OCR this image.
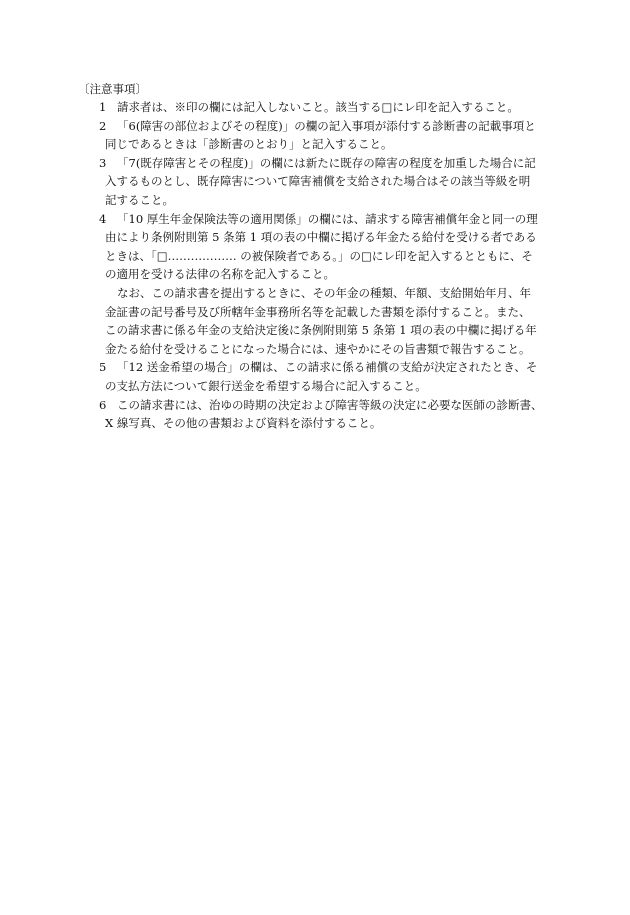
〔注意事項〕
1 請求者は、※印の欄には記入しないこと。該当する□にレ印を記入すること。
2 「6(障害の部位およびその程度)」の欄の記入事項が添付する診断書の記載事項と
同じであるときは「診断書のとおり」と記入すること。
3 「7(既存障害とその程度)」の欄には新たに既存の障害の程度を加重した場合に記
入するものとし、既存障害について障害補償を支給された場合はその該当等級を明
記すること。
4 「10 厚生年金保険法等の適用関係」の欄には、請求する障害補償年金と同一の理
由により条例附則第 5 条第 1 項の表の中欄に掲げる年金たる給付を受ける者である
ときは、「□……………… の被保険者である。」の□にレ印を記入するとともに、そ
の適用を受ける法律の名称を記入すること。
なお、この請求書を提出するときに、その年金の種類、年額、支給開始年月、年
金証書の記号番号及び所轄年金事務所名等を記載した書類を添付すること。また、
この請求書に係る年金の支給決定後に条例附則第 5 条第 1 項の表の中欄に掲げる年
金たる給付を受けることになった場合には、速やかにその旨書類で報告すること。
5 「12 送金希望の場合」の欄は、この請求に係る補償の支給が決定されたとき、そ
の支払方法について銀行送金を希望する場合に記入すること。
6 この請求書には、治ゆの時期の決定および障害等級の決定に必要な医師の診断書、
X 線写真、その他の書類および資料を添付すること。
